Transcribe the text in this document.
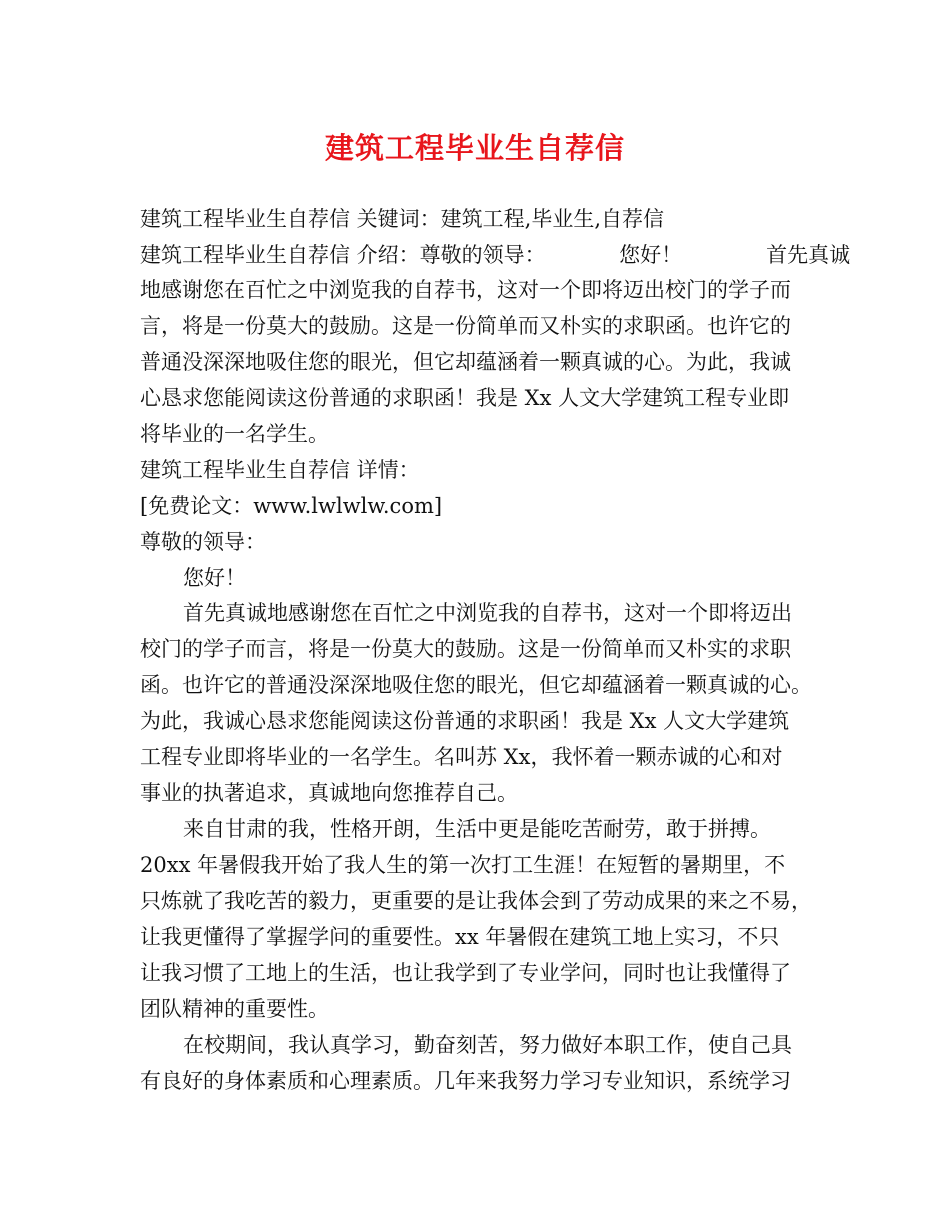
建筑工程毕业生自荐信
建筑工程毕业生自荐信 关键词：建筑工程,毕业生,自荐信
建筑工程毕业生自荐信 介绍：尊敬的领导：　　　　您好！　　　　首先真诚
地感谢您在百忙之中浏览我的自荐书，这对一个即将迈出校门的学子而
言，将是一份莫大的鼓励。这是一份简单而又朴实的求职函。也许它的
普通没深深地吸住您的眼光，但它却蕴涵着一颗真诚的心。为此，我诚
心恳求您能阅读这份普通的求职函！我是 Xx 人文大学建筑工程专业即
将毕业的一名学生。
建筑工程毕业生自荐信 详情：
[免费论文：www.lwlwlw.com]
尊敬的领导：
您好！
首先真诚地感谢您在百忙之中浏览我的自荐书，这对一个即将迈出
校门的学子而言，将是一份莫大的鼓励。这是一份简单而又朴实的求职
函。也许它的普通没深深地吸住您的眼光，但它却蕴涵着一颗真诚的心。
为此，我诚心恳求您能阅读这份普通的求职函！我是 Xx 人文大学建筑
工程专业即将毕业的一名学生。名叫苏 Xx，我怀着一颗赤诚的心和对
事业的执著追求，真诚地向您推荐自己。
来自甘肃的我，性格开朗，生活中更是能吃苦耐劳，敢于拼搏。
20xx 年暑假我开始了我人生的第一次打工生涯！在短暂的暑期里，不
只炼就了我吃苦的毅力，更重要的是让我体会到了劳动成果的来之不易，
让我更懂得了掌握学问的重要性。xx 年暑假在建筑工地上实习，不只
让我习惯了工地上的生活，也让我学到了专业学问，同时也让我懂得了
团队精神的重要性。
在校期间，我认真学习，勤奋刻苦，努力做好本职工作，使自己具
有良好的身体素质和心理素质。几年来我努力学习专业知识，系统学习
